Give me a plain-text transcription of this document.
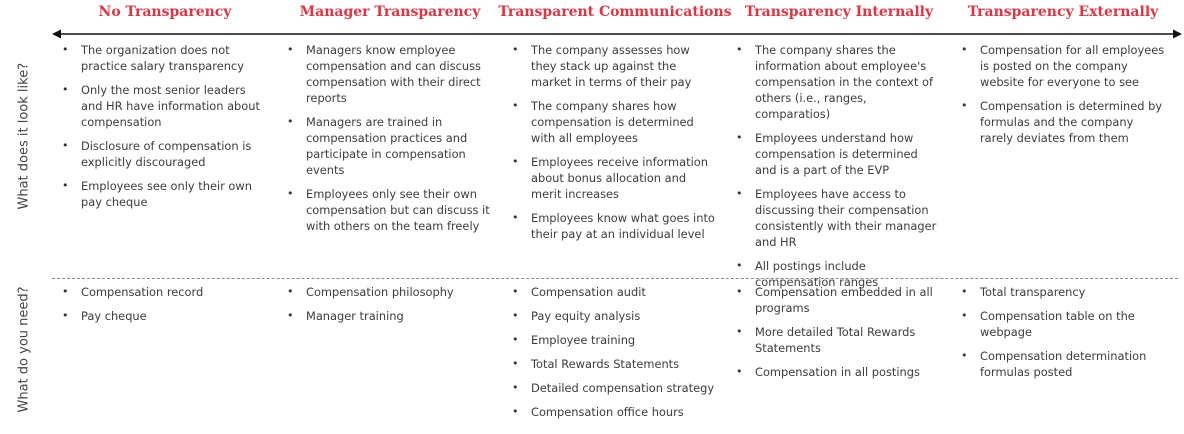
No Transparency	Manager Transparency Transparent Communications Transparency Internally Transparency Externally
What does it look like?
What do you need?
• The organization does not practice salary transparency
• Only the most senior leaders and HR have information about compensation
• Disclosure of compensation is explicitly discouraged
• Employees see only their own pay cheque
• Managers know employee compensation and can discuss compensation with their direct reports
• Managers are trained in compensation practices and participate in compensation events
• Employees only see their own compensation but can discuss it with others on the team freely
• The company assesses how they stack up against the market in terms of their pay
• The company shares how compensation is determined with all employees
• Employees receive information about bonus allocation and merit increases
• Employees know what goes into their pay at an individual level
• The company shares the information about employee's compensation in the context of others (i.e., ranges, comparatios)
• Employees understand how compensation is determined and is a part of the EVP
• Employees have access to discussing their compensation consistently with their manager and HR
• All postings include compensation ranges
• Compensation for all employees is posted on the company website for everyone to see
• Compensation is determined by formulas and the company rarely deviates from them
• Compensation record
• Pay cheque
• Compensation philosophy
• Manager training
• Compensation audit
• Pay equity analysis
• Employee training
• Total Rewards Statements
• Detailed compensation strategy
• Compensation office hours
• Compensation embedded in all programs
• More detailed Total Rewards Statements
• Compensation in all postings
• Total transparency
• Compensation table on the webpage
• Compensation determination formulas posted
